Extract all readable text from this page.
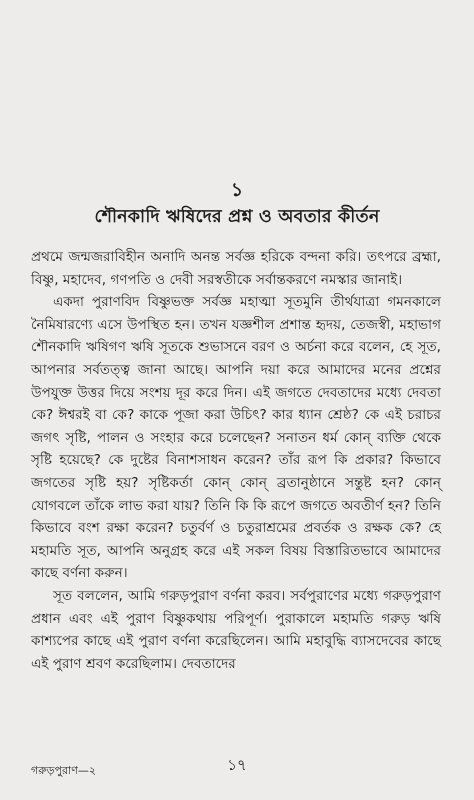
১
শৌনকাদি ঋষিদের প্রশ্ন ও অবতার কীর্তন

প্রথমে জন্মজরাবিহীন অনাদি অনন্ত সর্বজ্ঞ হরিকে বন্দনা করি। তৎপরে ব্রহ্মা, বিষ্ণু, মহাদেব, গণপতি ও দেবী সরস্বতীকে সর্বান্তকরণে নমস্কার জানাই।

একদা পুরাণবিদ বিষ্ণুভক্ত সর্বজ্ঞ মহাত্মা সূতমুনি তীর্থযাত্রা গমনকালে নৈমিষারণ্যে এসে উপস্থিত হন। তখন যজ্ঞশীল প্রশান্ত হৃদয়, তেজস্বী, মহাভাগ শৌনকাদি ঋষিগণ ঋষি সূতকে শুভাসনে বরণ ও অর্চনা করে বলেন, হে সূত, আপনার সর্বতত্ত্ব জানা আছে। আপনি দয়া করে আমাদের মনের প্রশ্নের উপযুক্ত উত্তর দিয়ে সংশয় দূর করে দিন। এই জগতে দেবতাদের মধ্যে দেবতা কে? ঈশ্বরই বা কে? কাকে পূজা করা উচিৎ? কার ধ্যান শ্রেষ্ঠ? কে এই চরাচর জগৎ সৃষ্টি, পালন ও সংহার করে চলেছেন? সনাতন ধর্ম কোন্ ব্যক্তি থেকে সৃষ্টি হয়েছে? কে দুষ্টের বিনাশসাধন করেন? তাঁর রূপ কি প্রকার? কিভাবে জগতের সৃষ্টি হয়? সৃষ্টিকর্তা কোন্ কোন্ ব্রতানুষ্ঠানে সন্তুষ্ট হন? কোন্ যোগবলে তাঁকে লাভ করা যায়? তিনি কি কি রূপে জগতে অবতীর্ণ হন? তিনি কিভাবে বংশ রক্ষা করেন? চতুর্বর্ণ ও চতুরাশ্রমের প্রবর্তক ও রক্ষক কে? হে মহামতি সূত, আপনি অনুগ্রহ করে এই সকল বিষয় বিস্তারিতভাবে আমাদের কাছে বর্ণনা করুন।

সূত বললেন, আমি গরুড়পুরাণ বর্ণনা করব। সর্বপুরাণের মধ্যে গরুড়পুরাণ প্রধান এবং এই পুরাণ বিষ্ণুকথায় পরিপূর্ণ। পুরাকালে মহামতি গরুড় ঋষি কাশ্যপের কাছে এই পুরাণ বর্ণনা করেছিলেন। আমি মহাবুদ্ধি ব্যাসদেবের কাছে এই পুরাণ শ্রবণ করেছিলাম। দেবতাদের

গরুড়পুরাণ—২	১৭
